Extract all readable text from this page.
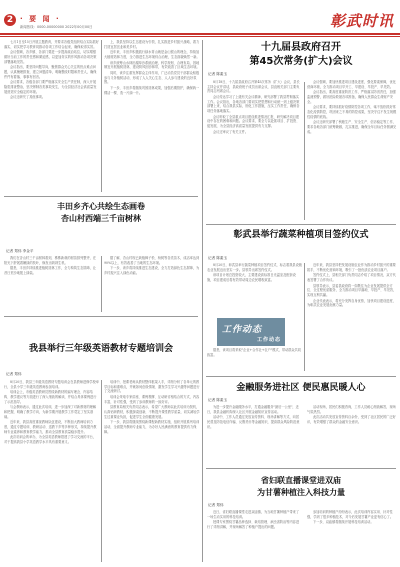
2 · 要 闻 ·
新闻热线：0000-00000000 2022年00月00日	彰武时讯

七月1日至15日开展主题教育，并要求各级党组织结合实际抓好落实，切实把学习教育同推动各项工作结合起来，确保取得实效。

会议强调，各乡镇、各部门要进一步提高政治站位，切实增强做好当前工作的责任感和紧迫感，以更加务实的作风推动各项决策部署落地见效。

会议指出，要坚持问题导向，聚焦群众关心关注的热点难点问题，认真梳理排查，建立问题清单，明确整改时限和责任人，确保件件有着落、事事有回音。

会议要求，各级各部门要严格落实安全生产责任制，深入开展隐患排查整治，坚决遏制各类事故发生，为全县经济社会高质量发展营造安全稳定的环境。

会议还研究了其他事项。

上，我县坚持以生态建设为引领，扎实推进乡村振兴战略，着力打造宜居宜业和美乡村。

近年来，丰田乡积极践行绿水青山就是金山银山的理念，持续加大植树造林力度，全力推进生态环境综合治理，生态面貌焕然一新。

该乡统筹山水林田湖草沙系统治理，科学规划、合理布局，因地制宜开展植树造林，建设防风固沙林带，有效改善了区域生态环境。

同时，该乡注重发挥群众主体作用，广泛动员党员干部群众积极参与义务植树活动，形成了人人关心生态、人人参与建设的良好氛围。

下一步，丰田乡将继续巩固造林成果，加强后期管护，确保栽一棵活一棵、造一片绿一片。

十九届县政府召开
第45次常务(扩大)会议
记者 陈素玉

8月18日，十九届县政府召开第45次常务（扩大）会议，县长主持会议并讲话，县政府班子成员出席会议，县直相关部门主要负责同志列席会议。

会议传达学习了上级有关会议精神，研究部署了我县贯彻落实工作。会议指出，各地各部门要切实把思想和行动统一到上级决策部署上来，结合我县实际，细化工作措施，压实工作责任，确保各项任务落地落实。

会议听取了全县重点项目建设推进情况汇报，研究解决项目建设中存在的困难和问题。会议要求，要全力以赴抓项目、扩投资、促发展，为全县经济高质量发展提供有力支撑。

会议还审议了有关文件。

会议强调，要加快推进项目建设进度，强化要素保障，优化营商环境，全力推动项目早开工、早建设、早投产、早见效。

会议指出，要高度重视防汛工作，严格落实防汛责任，加强监测预警，做好抢险救援各项准备，确保人民群众生命财产安全。

会议要求，要持续抓好疫情防控各项工作，毫不放松抓好常态化疫情防控，巩固来之不易的防控成果，坚决守住不发生规模性疫情的底线。

会议还研究部署了秋粮生产、安全生产、信访稳定等工作，要求各地各部门统筹兼顾，扎实推进，确保全年目标任务圆满完成。

丰田乡齐心共绘生态画卷
杏山村西端三千亩树林
记者 郑伟 李金平

我们在杏山村三千亩树林看到，株株新栽的树苗排列整齐，在阳光下舒展着嫩绿的枝叶，焕发出勃勃生机。

据悉，丰田乡持续推进植树造林工作，全力构筑生态屏障，让昔日荒沙地披上绿装。

据了解，杏山村现已栽植樟子松、杨树等各类苗木，成活率达到90%以上，有效改善了当地的生态环境。

下一步，该乡将持续推进生态建设，全力打造绿色生态屏障，为乡村振兴注入绿色动能。

彰武县举行蔬菜种植项目签约仪式
记者 陈素玉

8月20日，彰武县举行蔬菜种植项目签约仪式，标志着我县设施农业发展迈出坚实一步。县领导出席签约仪式。

该项目计划总投资较大，主要建设高标准日光温室及配套设施，项目建成后将有效带动周边农民增收致富。

近年来，我县坚持把发展设施农业作为推动乡村振兴的重要抓手，不断优化营商环境，吸引了一批优质农业项目落户。

签约仪式上，县相关部门负责同志介绍了项目情况，双方代表签署了合作协议。

县领导表示，县委县政府将一如既往为企业发展提供全方位、全过程优质服务，全力推动项目早落地、早投产、早见效，实现互利共赢。

企业代表表示，将充分发挥自身优势，加快项目建设进度，为彰武农业发展贡献力量。

据悉，该项目将采取"企业+合作社+农户"模式，带动群众共同致富。

我县举行三年级英语教材专题培训会
记者 郑伟

8月20日，我县三年级英语教材专题培训会在县教师进修学校举行，全县小学三年级英语教师参加培训。

培训会上，市级英语教研员围绕新教材的编写理念、内容结构、教学建议等方面进行了深入细致的解读，并结合具体课例进行了示范指导。

与会教师表示，通过此次培训，进一步加深了对新教材的理解和把握，明确了教学方向，为新学期开展教学工作奠定了坚实基础。

近年来，我县高度重视教师队伍建设，不断加大教师培训力度，通过专题培训、教研活动、送教下乡等多种形式，持续提升教师专业素养和教育教学能力，推动全县教育质量稳步提升。

此次培训会的举办，为全县英语教师搭建了学习交流的平台，对于提高我县小学英语教学水平具有重要意义。

培训中，授课老师从教材整体框架入手，详细分析了各单元的教学目标和重难点，并就如何创设情境、激发学生学习兴趣等问题进行了交流研讨。

培训会采取专家讲座、课例观摩、互动研讨相结合的方式，内容丰富，针对性强，受到了参训教师的一致好评。

县教育局相关负责同志表示，希望广大教师以此次培训为契机，认真钻研教材，积极探索创新，不断提升课堂教学质量，切实减轻学生过重课业负担，促进学生全面健康发展。

下一步，我县将继续围绕新课程新教材实施，组织开展系列培训活动，全面提升教师专业能力，为办好人民满意的教育提供有力保障。

工作动态
工作动态
金融服务进社区 便民惠民暖人心
记者 陈素玉

为进一步提升金融服务水平，打通金融服务"最后一公里"，近日，我县金融机构深入社区开展金融知识宣传活动。

活动中，工作人员通过发放宣传资料、现场讲解等方式，向居民普及防范电信诈骗、反假货币等金融知识，提高群众风险防范意识。

活动现场，居民们积极咨询，工作人员耐心细致解答，现场气氛热烈。

此次活动共发放宣传资料百余份，受到了社区居民的广泛好评，有效增强了群众的金融安全意识。

省妇联直播课堂进双庙
为甘薯种植注入科技力量
记者 郑伟

近日，省妇联直播课堂走进双庙镇，为当地甘薯种植户带来了一场生动实用的科技培训。

授课专家围绕甘薯品种选择、栽培管理、病虫害防治等内容进行了详细讲解，并现场解答了种植户提出的问题。

参加培训的种植户纷纷表示，此次培训内容实用、针对性强，学到了很多种植技术，对今后发展甘薯产业更有信心了。

下一步，双庙镇将继续开展科技培训活动。
